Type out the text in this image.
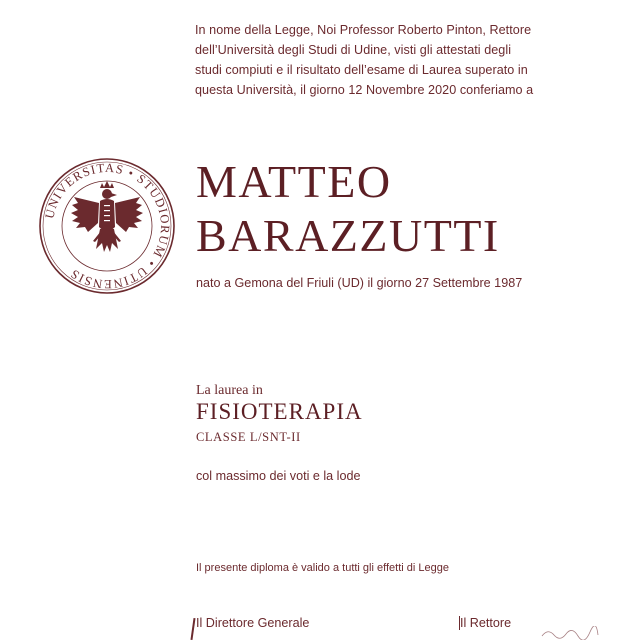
In nome della Legge, Noi Professor Roberto Pinton, Rettore
dell’Università degli Studi di Udine, visti gli attestati degli
studi compiuti e il risultato dell’esame di Laurea superato in
questa Università, il giorno 12 Novembre 2020 conferiamo a
UNIVERSITAS • STUDIORUM • UTINENSIS
MATTEO
BARAZZUTTI
nato a Gemona del Friuli (UD) il giorno 27 Settembre 1987
La laurea in
FISIOTERAPIA
CLASSE L/SNT-II
col massimo dei voti e la lode
Il presente diploma è valido a tutti gli effetti di Legge
Il Direttore Generale	Il Rettore
